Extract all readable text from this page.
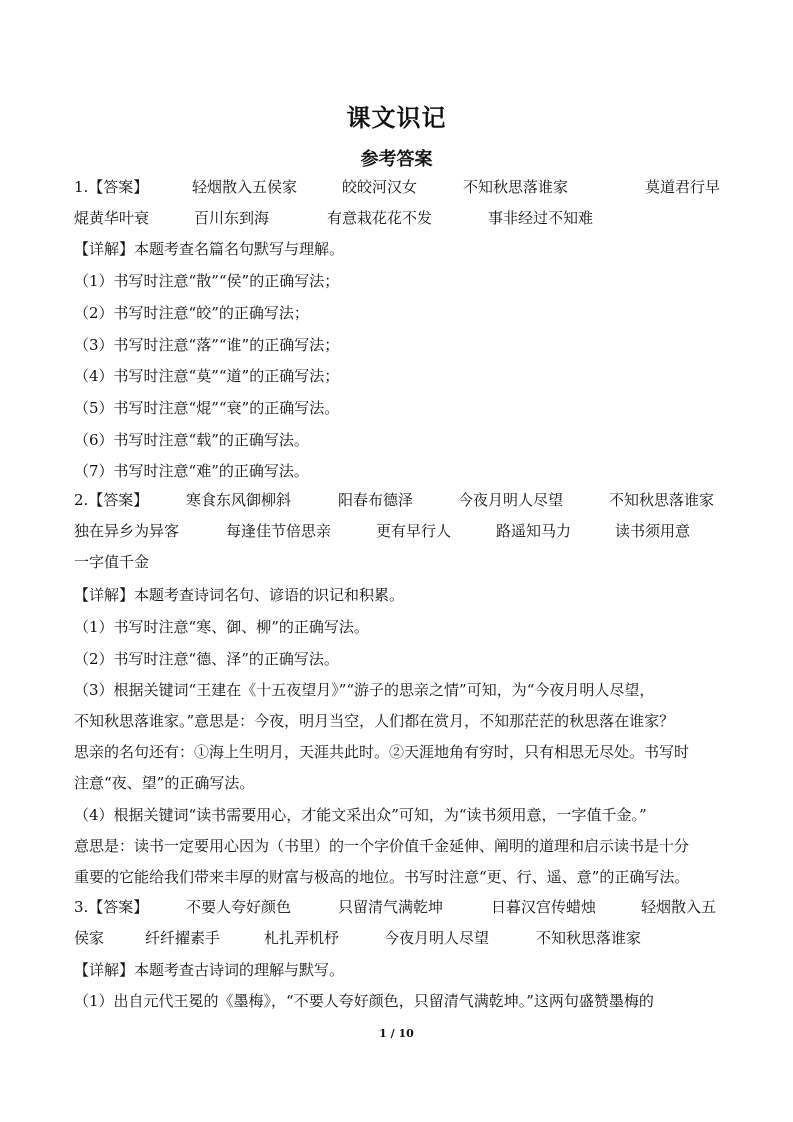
课文识记
参考答案
1.【答案】	轻烟散入五侯家	皎皎河汉女	不知秋思落谁家	莫道君行早
焜黄华叶衰	百川东到海	有意栽花花不发	事非经过不知难
【详解】本题考查名篇名句默写与理解。
（1）书写时注意“散”“侯”的正确写法；
（2）书写时注意“皎”的正确写法；
（3）书写时注意“落”“谁”的正确写法；
（4）书写时注意“莫”“道”的正确写法；
（5）书写时注意“焜”“衰”的正确写法。
（6）书写时注意“载”的正确写法。
（7）书写时注意“难”的正确写法。
2.【答案】	寒食东风御柳斜	阳春布德泽	今夜月明人尽望	不知秋思落谁家
独在异乡为异客	每逢佳节倍思亲	更有早行人	路遥知马力	读书须用意
一字值千金
【详解】本题考查诗词名句、谚语的识记和积累。
（1）书写时注意“寒、御、柳”的正确写法。
（2）书写时注意“德、泽”的正确写法。
（3）根据关键词“王建在《十五夜望月》”“游子的思亲之情”可知，为“今夜月明人尽望，
不知秋思落谁家。”意思是：今夜，明月当空，人们都在赏月，不知那茫茫的秋思落在谁家？
思亲的名句还有：①海上生明月，天涯共此时。②天涯地角有穷时，只有相思无尽处。书写时
注意“夜、望”的正确写法。
（4）根据关键词“读书需要用心，才能文采出众”可知，为“读书须用意，一字值千金。”
意思是：读书一定要用心因为（书里）的一个字价值千金延伸、阐明的道理和启示读书是十分
重要的它能给我们带来丰厚的财富与极高的地位。书写时注意“更、行、遥、意”的正确写法。
3.【答案】	不要人夸好颜色	只留清气满乾坤	日暮汉宫传蜡烛	轻烟散入五
侯家	纤纤擢素手	札扎弄机杼	今夜月明人尽望	不知秋思落谁家
【详解】本题考查古诗词的理解与默写。
（1）出自元代王冕的《墨梅》，“不要人夸好颜色，只留清气满乾坤。”这两句盛赞墨梅的
1 / 10
